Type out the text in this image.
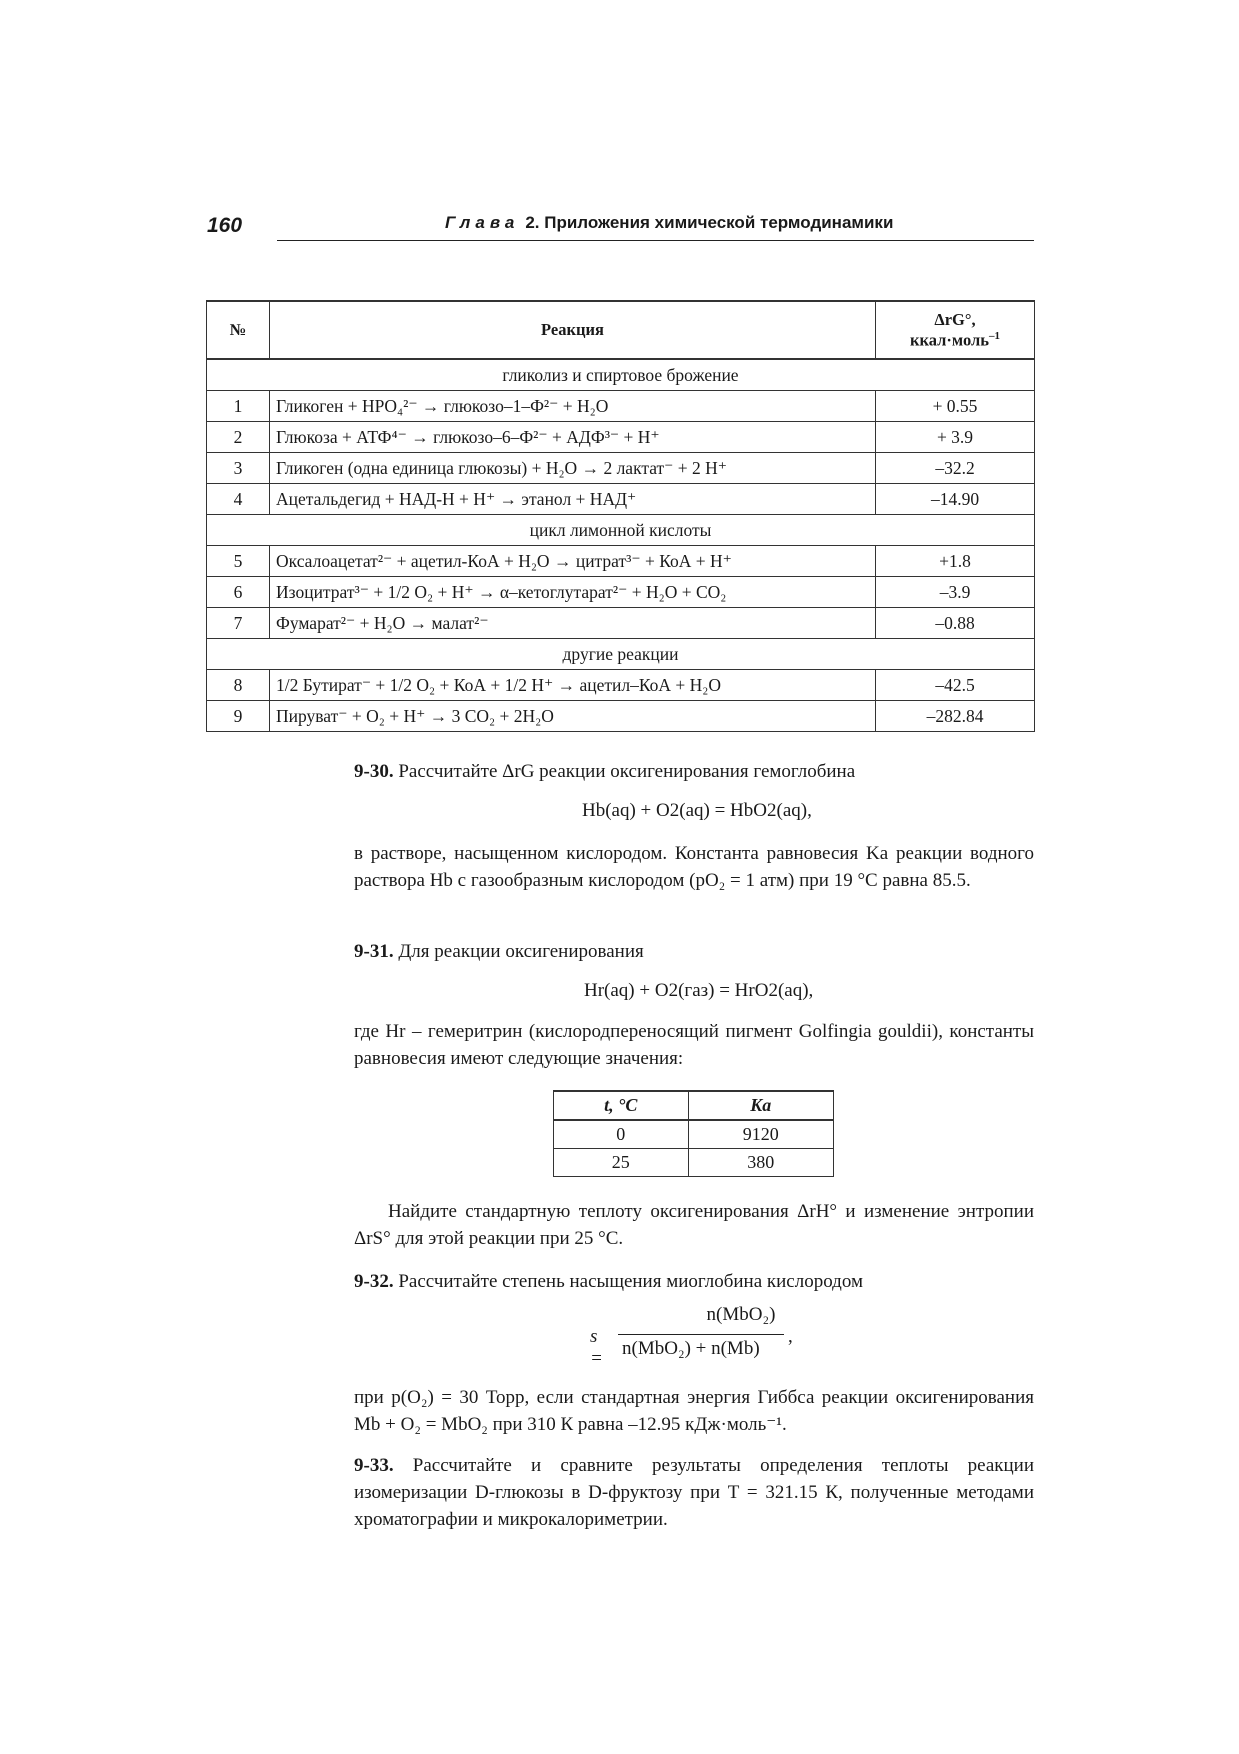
160	Глава 2. Приложения химической термодинамики
№	Реакция	ΔrG°,
ккал·моль$^{-1}$

гликолиз и спиртовое брожение		
1	Гликоген + HPO₄²⁻ → глюкозо–1–Ф²⁻ + H₂O	+ 0.55
2	Глюкоза + АТФ⁴⁻ → глюкозо–6–Ф²⁻ + АДФ³⁻ + H⁺	+ 3.9
3	Гликоген (одна единица глюкозы) + H₂O → 2 лактат⁻ + 2 H⁺	–32.2
4	Ацетальдегид + НАД-H + H⁺ → этанол + НАД⁺	–14.90
цикл лимонной кислоты		
5	Оксалоацетат²⁻ + ацетил-КоА + H₂O → цитрат³⁻ + КоА + H⁺	+1.8
6	Изоцитрат³⁻ + 1/2 O₂ + H⁺ → α–кетоглутарат²⁻ + H₂O + CO₂	–3.9
7	Фумарат²⁻ + H₂O → малат²⁻	–0.88
другие реакции		
8	1/2 Бутират⁻ + 1/2 O₂ + КоА + 1/2 H⁺ → ацетил–КоА + H₂O	–42.5
9	Пируват⁻ + O₂ + H⁺ → 3 CO₂ + 2H₂O	–282.84
9-30. Рассчитайте ΔrG реакции оксигенирования гемоглобина
Hb(aq) + O2(aq) = HbO2(aq),
в растворе, насыщенном кислородом. Константа равновесия Ka реакции водного раствора Hb с газообразным кислородом (pO₂ = 1 атм) при 19 °С равна 85.5.
9-31. Для реакции оксигенирования
Hr(aq) + O2(газ) = HrO2(aq),
где Hr – гемеритрин (кислородпереносящий пигмент Golfingia gouldii), константы равновесия имеют следующие значения:
t, °C	Ka
0	9120
25	380
Найдите стандартную теплоту оксигенирования ΔrH° и изменение энтропии ΔrS° для этой реакции при 25 °С.
9-32. Рассчитайте степень насыщения миоглобина кислородом
s =
n(MbO₂)
n(MbO₂) + n(Mb)
,
при p(O₂) = 30 Торр, если стандартная энергия Гиббса реакции оксигенирования Mb + O₂ = MbO₂ при 310 К равна –12.95 кДж·моль⁻¹.
9-33. Рассчитайте и сравните результаты определения теплоты реакции изомеризации D-глюкозы в D-фруктозу при T = 321.15 К, полученные методами хроматографии и микрокалориметрии.
